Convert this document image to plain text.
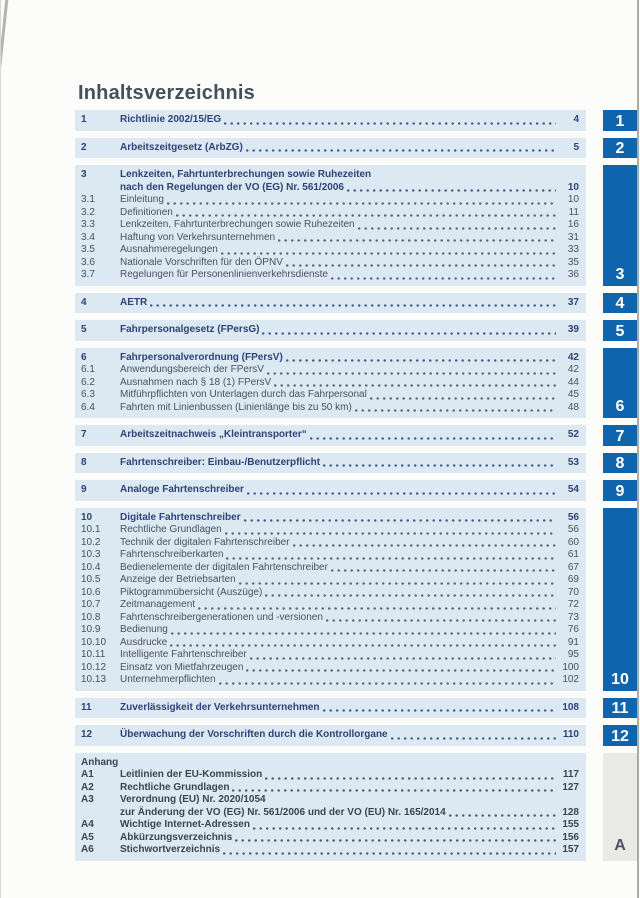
Inhaltsverzeichnis
1	Richtlinie 2002/15/EG	4 1
2	Arbeitszeitgesetz (ArbZG)	5 2
3	Lenkzeiten, Fahrtunterbrechungen sowie Ruhezeiten
nach den Regelungen der VO (EG) Nr. 561/2006	10
3.1	Einleitung	10
3.2	Definitionen	11
3.3	Lenkzeiten, Fahrtunterbrechungen sowie Ruhezeiten	16
3.4	Haftung von Verkehrsunternehmen	31
3.5	Ausnahmeregelungen	33
3.6	Nationale Vorschriften für den ÖPNV	35
3.7	Regelungen für Personenlinienverkehrsdienste	36 3
4	AETR	37 4
5	Fahrpersonalgesetz (FPersG)	39 5
6	Fahrpersonalverordnung (FPersV)	42
6.1	Anwendungsbereich der FPersV	42
6.2	Ausnahmen nach § 18 (1) FPersV	44
6.3	Mitführpflichten von Unterlagen durch das Fahrpersonal	45
6.4	Fahrten mit Linienbussen (Linienlänge bis zu 50 km)	48 6
7	Arbeitszeitnachweis „Kleintransporter“	52 7
8	Fahrtenschreiber: Einbau-/Benutzerpflicht	53 8
9	Analoge Fahrtenschreiber	54 9
10	Digitale Fahrtenschreiber	56
10.1	Rechtliche Grundlagen	56
10.2	Technik der digitalen Fahrtenschreiber	60
10.3	Fahrtenschreiberkarten	61
10.4	Bedienelemente der digitalen Fahrtenschreiber	67
10.5	Anzeige der Betriebsarten	69
10.6	Piktogrammübersicht (Auszüge)	70
10.7	Zeitmanagement	72
10.8	Fahrtenschreibergenerationen und -versionen	73
10.9	Bedienung	76
10.10	Ausdrucke	91
10.11	Intelligente Fahrtenschreiber	95
10.12	Einsatz von Mietfahrzeugen	100
10.13	Unternehmerpflichten	102 10
11	Zuverlässigkeit der Verkehrsunternehmen	108 11
12	Überwachung der Vorschriften durch die Kontrollorgane	110 12
Anhang
A1	Leitlinien der EU-Kommission	117
A2	Rechtliche Grundlagen	127
A3	Verordnung (EU) Nr. 2020/1054
zur Änderung der VO (EG) Nr. 561/2006 und der VO (EU) Nr. 165/2014	128
A4	Wichtige Internet-Adressen	155
A5	Abkürzungsverzeichnis	156
A6	Stichwortverzeichnis	157 A
